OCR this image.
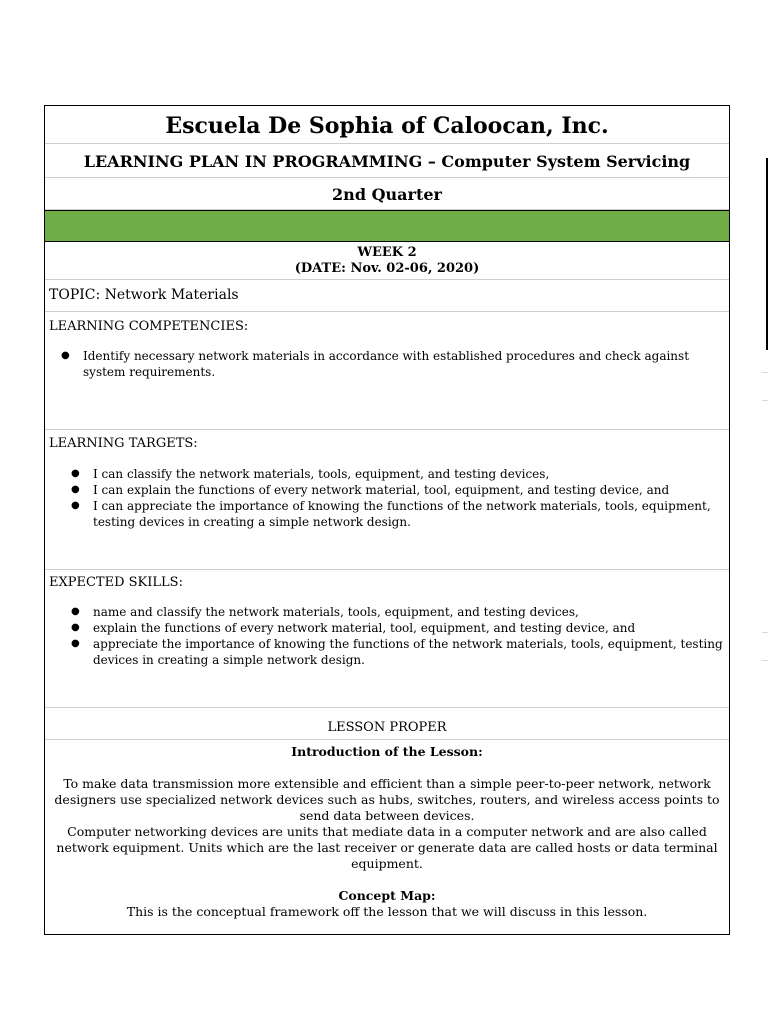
Escuela De Sophia of Caloocan, Inc.
LEARNING PLAN IN PROGRAMMING – Computer System Servicing
2nd Quarter
WEEK 2
(DATE: Nov. 02-06, 2020)
TOPIC: Network Materials
LEARNING COMPETENCIES:
● Identify necessary network materials in accordance with established procedures and check against system requirements.
LEARNING TARGETS:
● I can classify the network materials, tools, equipment, and testing devices,
● I can explain the functions of every network material, tool, equipment, and testing device, and
● I can appreciate the importance of knowing the functions of the network materials, tools, equipment, testing devices in creating a simple network design.
EXPECTED SKILLS:
● name and classify the network materials, tools, equipment, and testing devices,
● explain the functions of every network material, tool, equipment, and testing device, and
● appreciate the importance of knowing the functions of the network materials, tools, equipment, testing devices in creating a simple network design.
LESSON PROPER
Introduction of the Lesson:
To make data transmission more extensible and efficient than a simple peer-to-peer network, network designers use specialized network devices such as hubs, switches, routers, and wireless access points to send data between devices.
Computer networking devices are units that mediate data in a computer network and are also called network equipment. Units which are the last receiver or generate data are called hosts or data terminal equipment.
Concept Map:
This is the conceptual framework off the lesson that we will discuss in this lesson.
